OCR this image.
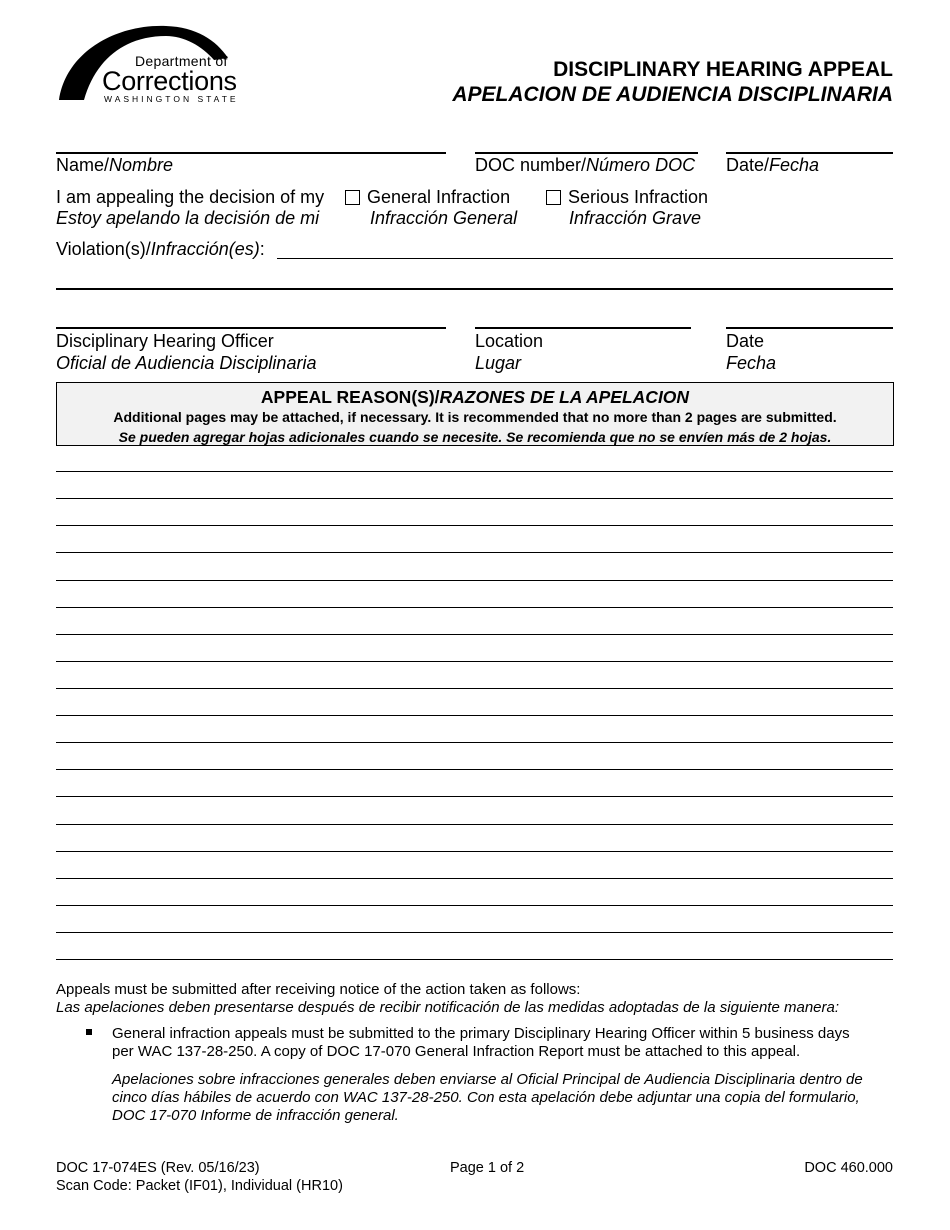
Department of
Corrections
WASHINGTON STATE
DISCIPLINARY HEARING APPEAL
APELACION DE AUDIENCIA DISCIPLINARIA
Name/Nombre	DOC number/Número DOC Date/Fecha
I am appealing the decision of my
Estoy apelando la decisión de mi
General Infraction
Infracción General
Serious Infraction
Infracción Grave
Violation(s)/Infracción(es):
Disciplinary Hearing Officer
Oficial de Audiencia Disciplinaria
Location
Lugar
Date
Fecha
APPEAL REASON(S)/RAZONES DE LA APELACION
Additional pages may be attached, if necessary. It is recommended that no more than 2 pages are submitted.
Se pueden agregar hojas adicionales cuando se necesite. Se recomienda que no se envíen más de 2 hojas.
Appeals must be submitted after receiving notice of the action taken as follows:
Las apelaciones deben presentarse después de recibir notificación de las medidas adoptadas de la siguiente manera:
General infraction appeals must be submitted to the primary Disciplinary Hearing Officer within 5 business days
per WAC 137-28-250. A copy of DOC 17-070 General Infraction Report must be attached to this appeal.
Apelaciones sobre infracciones generales deben enviarse al Oficial Principal de Audiencia Disciplinaria dentro de
cinco días hábiles de acuerdo con WAC 137-28-250. Con esta apelación debe adjuntar una copia del formulario,
DOC 17-070 Informe de infracción general.
DOC 17-074ES (Rev. 05/16/23)
Scan Code: Packet (IF01), Individual (HR10)
Page 1 of 2	DOC 460.000
